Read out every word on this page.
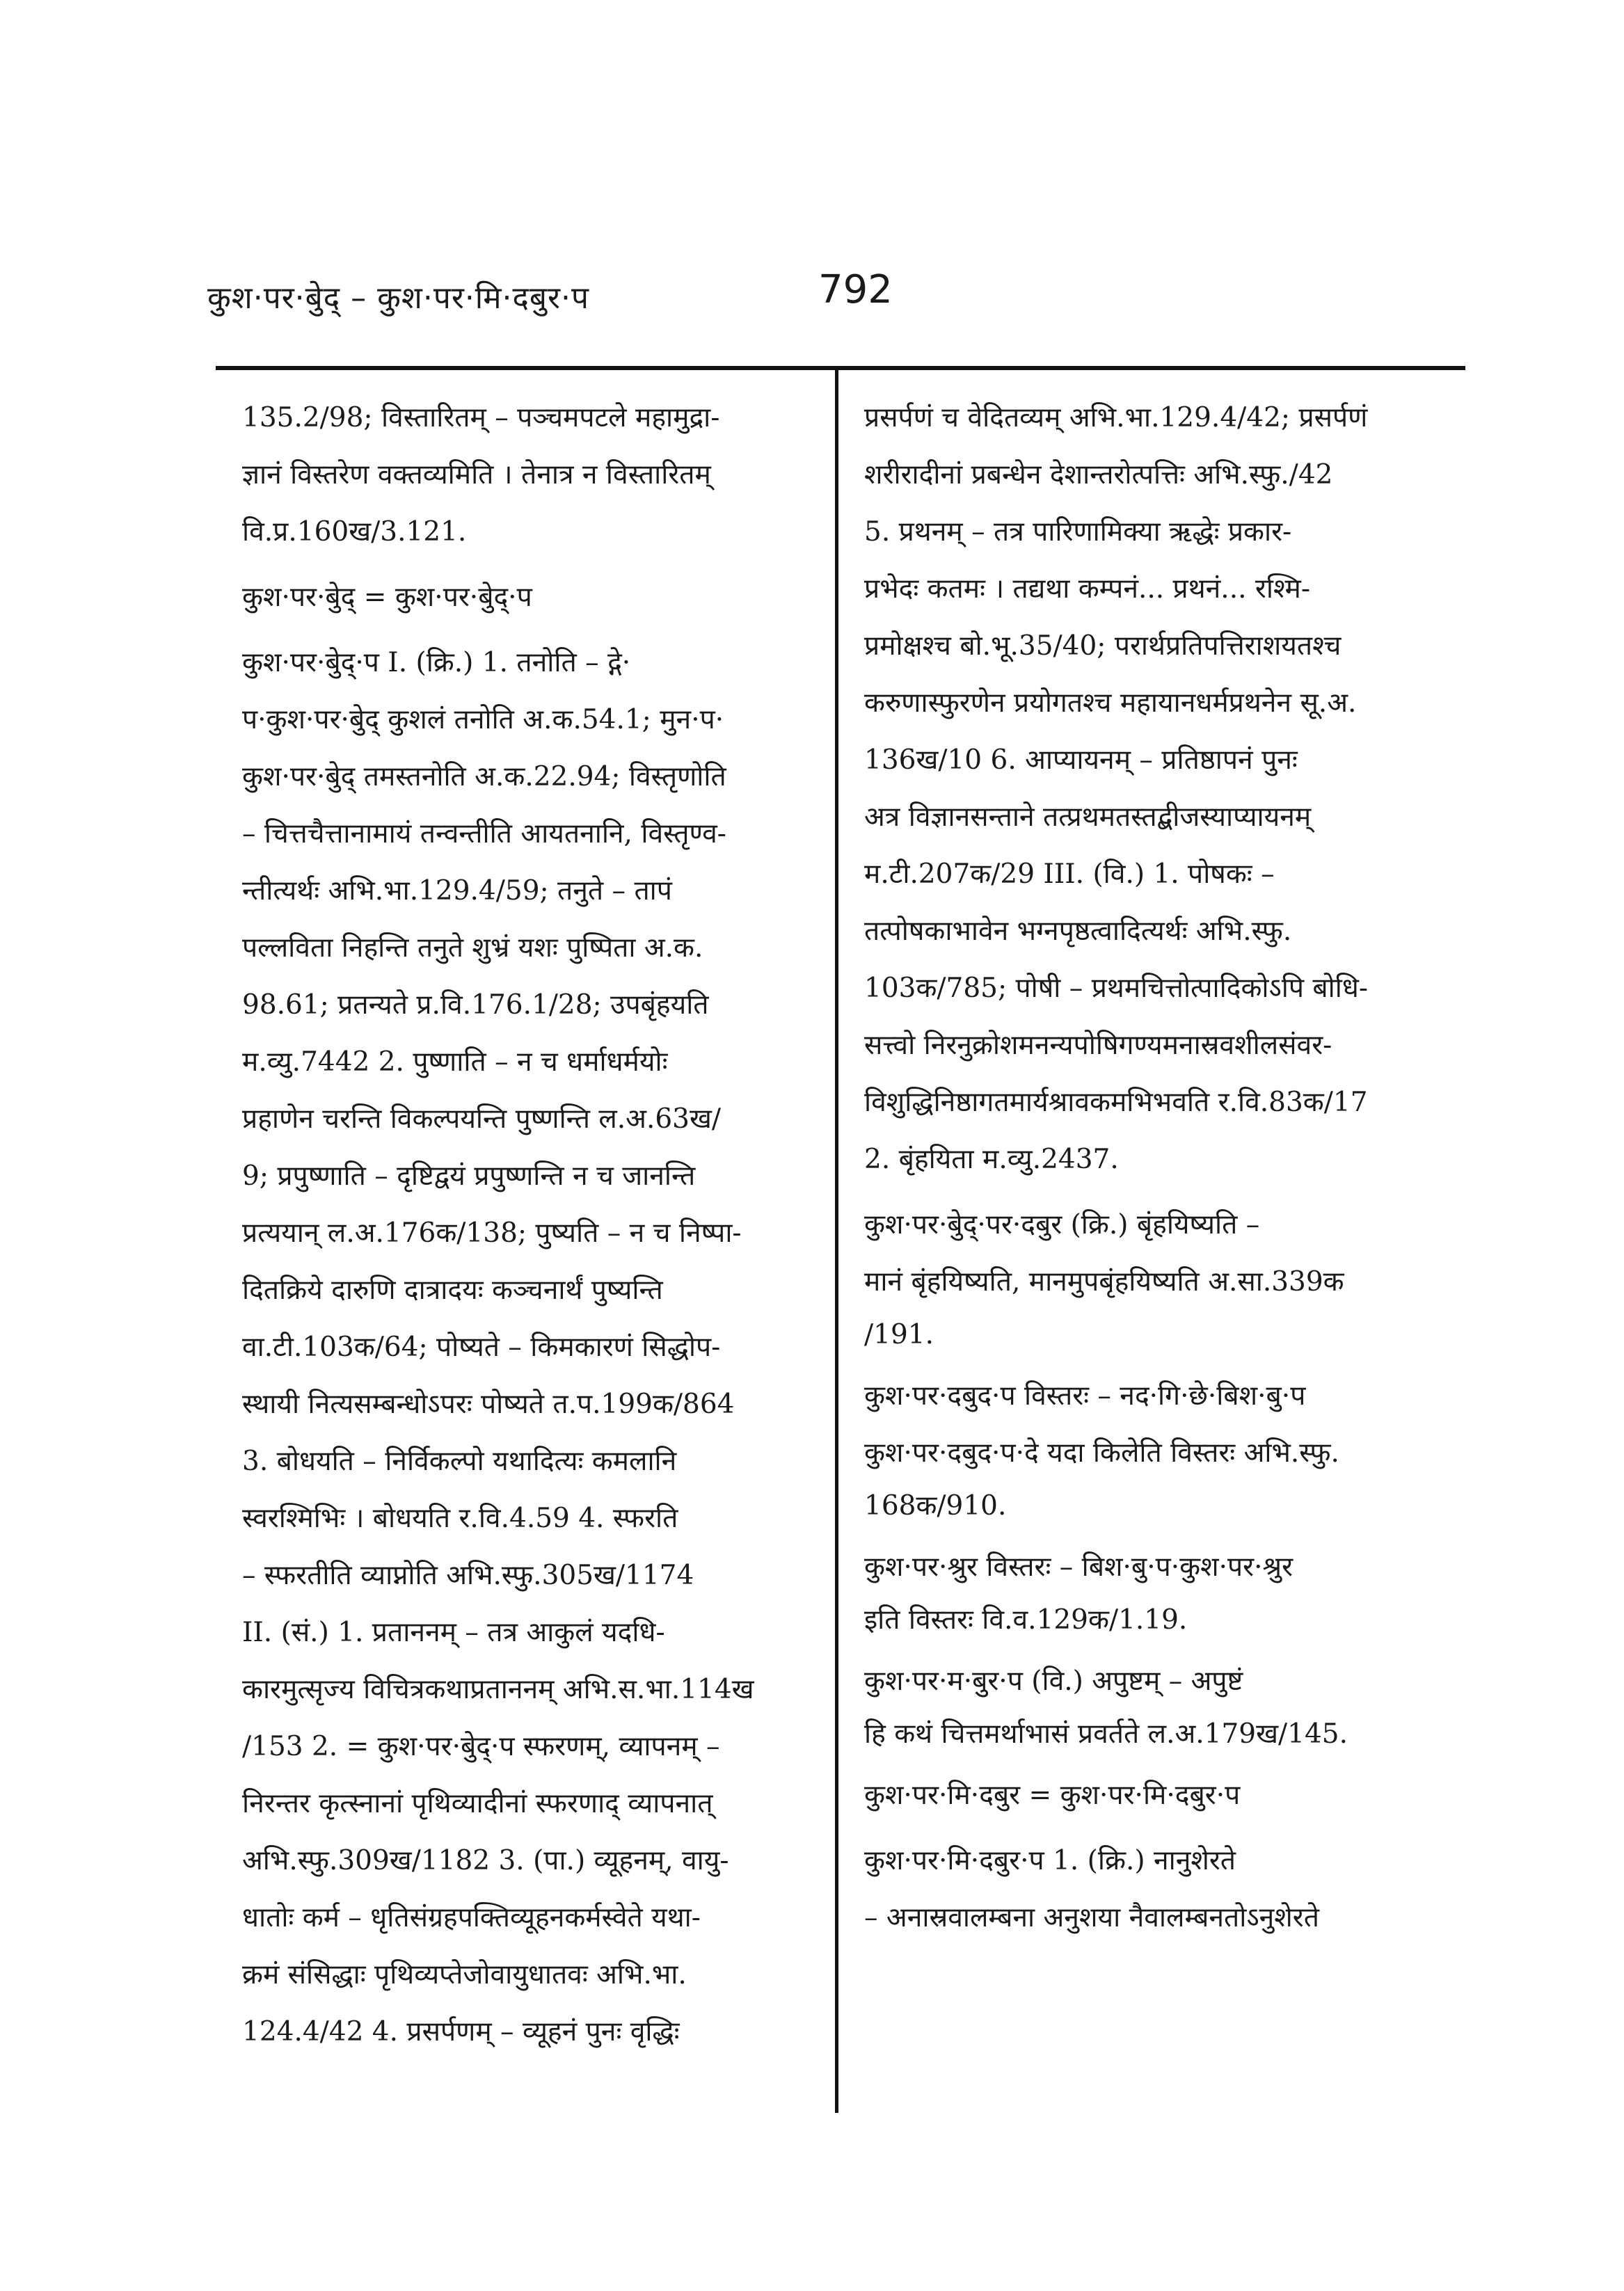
कुश·पर·बुेद् – कुश·पर·मि·दबुर·प	792
135.2/98; विस्तारितम् – पञ्चमपटले महामुद्रा-
ज्ञानं विस्तरेण वक्तव्यमिति । तेनात्र न विस्तारितम्
वि.प्र.160ख/3.121.
कुश·पर·बुेद् = कुश·पर·बुेद्·प
कुश·पर·बुेद्·प I. (क्रि.) 1. तनोति – द्गे·
प·कुश·पर·बुेद् कुशलं तनोति अ.क.54.1; मुन·प·
कुश·पर·बुेद् तमस्तनोति अ.क.22.94; विस्तृणोति
– चित्तचैत्तानामायं तन्वन्तीति आयतनानि, विस्तृण्व-
न्तीत्यर्थः अभि.भा.129.4/59; तनुते – तापं
पल्लविता निहन्ति तनुते शुभ्रं यशः पुष्पिता अ.क.
98.61; प्रतन्यते प्र.वि.176.1/28; उपबृंहयति
म.व्यु.7442 2. पुष्णाति – न च धर्माधर्मयोः
प्रहाणेन चरन्ति विकल्पयन्ति पुष्णन्ति ल.अ.63ख/
9; प्रपुष्णाति – दृष्टिद्वयं प्रपुष्णन्ति न च जानन्ति
प्रत्ययान् ल.अ.176क/138; पुष्यति – न च निष्पा-
दितक्रिये दारुणि दात्रादयः कञ्चनार्थं पुष्यन्ति
वा.टी.103क/64; पोष्यते – किमकारणं सिद्धोप-
स्थायी नित्यसम्बन्धोऽपरः पोष्यते त.प.199क/864
3. बोधयति – निर्विकल्पो यथादित्यः कमलानि
स्वरश्मिभिः । बोधयति र.वि.4.59 4. स्फरति
– स्फरतीति व्याप्नोति अभि.स्फु.305ख/1174
II. (सं.) 1. प्रताननम् – तत्र आकुलं यदधि-
कारमुत्सृज्य विचित्रकथाप्रताननम् अभि.स.भा.114ख
/153 2. = कुश·पर·बुेद्·प स्फरणम्, व्यापनम् –
निरन्तर कृत्स्नानां पृथिव्यादीनां स्फरणाद् व्यापनात्
अभि.स्फु.309ख/1182 3. (पा.) व्यूहनम्, वायु-
धातोः कर्म – धृतिसंग्रहपक्तिव्यूहनकर्मस्वेते यथा-
क्रमं संसिद्धाः पृथिव्यप्तेजोवायुधातवः अभि.भा.
124.4/42 4. प्रसर्पणम् – व्यूहनं पुनः वृद्धिः
प्रसर्पणं च वेदितव्यम् अभि.भा.129.4/42; प्रसर्पणं
शरीरादीनां प्रबन्धेन देशान्तरोत्पत्तिः अभि.स्फु./42
5. प्रथनम् – तत्र पारिणामिक्या ऋद्धेः प्रकार-
प्रभेदः कतमः । तद्यथा कम्पनं... प्रथनं... रश्मि-
प्रमोक्षश्च बो.भू.35/40; परार्थप्रतिपत्तिराशयतश्च
करुणास्फुरणेन प्रयोगतश्च महायानधर्मप्रथनेन सू.अ.
136ख/10 6. आप्यायनम् – प्रतिष्ठापनं पुनः
अत्र विज्ञानसन्ताने तत्प्रथमतस्तद्बीजस्याप्यायनम्
म.टी.207क/29 III. (वि.) 1. पोषकः –
तत्पोषकाभावेन भग्नपृष्ठत्वादित्यर्थः अभि.स्फु.
103क/785; पोषी – प्रथमचित्तोत्पादिकोऽपि बोधि-
सत्त्वो निरनुक्रोशमनन्यपोषिगण्यमनास्रवशीलसंवर-
विशुद्धिनिष्ठागतमार्यश्रावकमभिभवति र.वि.83क/17
2. बृंहयिता म.व्यु.2437.
कुश·पर·बुेद्·पर·दबुर (क्रि.) बृंहयिष्यति –
मानं बृंहयिष्यति, मानमुपबृंहयिष्यति अ.सा.339क
/191.
कुश·पर·दबुद·प विस्तरः – नद·गि·छे·बिश·बु·प
कुश·पर·दबुद·प·दे यदा किलेति विस्तरः अभि.स्फु.
168क/910.
कुश·पर·श्रुर विस्तरः – बिश·बु·प·कुश·पर·श्रुर
इति विस्तरः वि.व.129क/1.19.
कुश·पर·म·बुुर·प (वि.) अपुष्टम् – अपुष्टं
हि कथं चित्तमर्थाभासं प्रवर्तते ल.अ.179ख/145.
कुश·पर·मि·दबुर = कुश·पर·मि·दबुर·प
कुश·पर·मि·दबुर·प 1. (क्रि.) नानुशेरते
– अनास्रवालम्बना अनुशया नैवालम्बनतोऽनुशेरते
